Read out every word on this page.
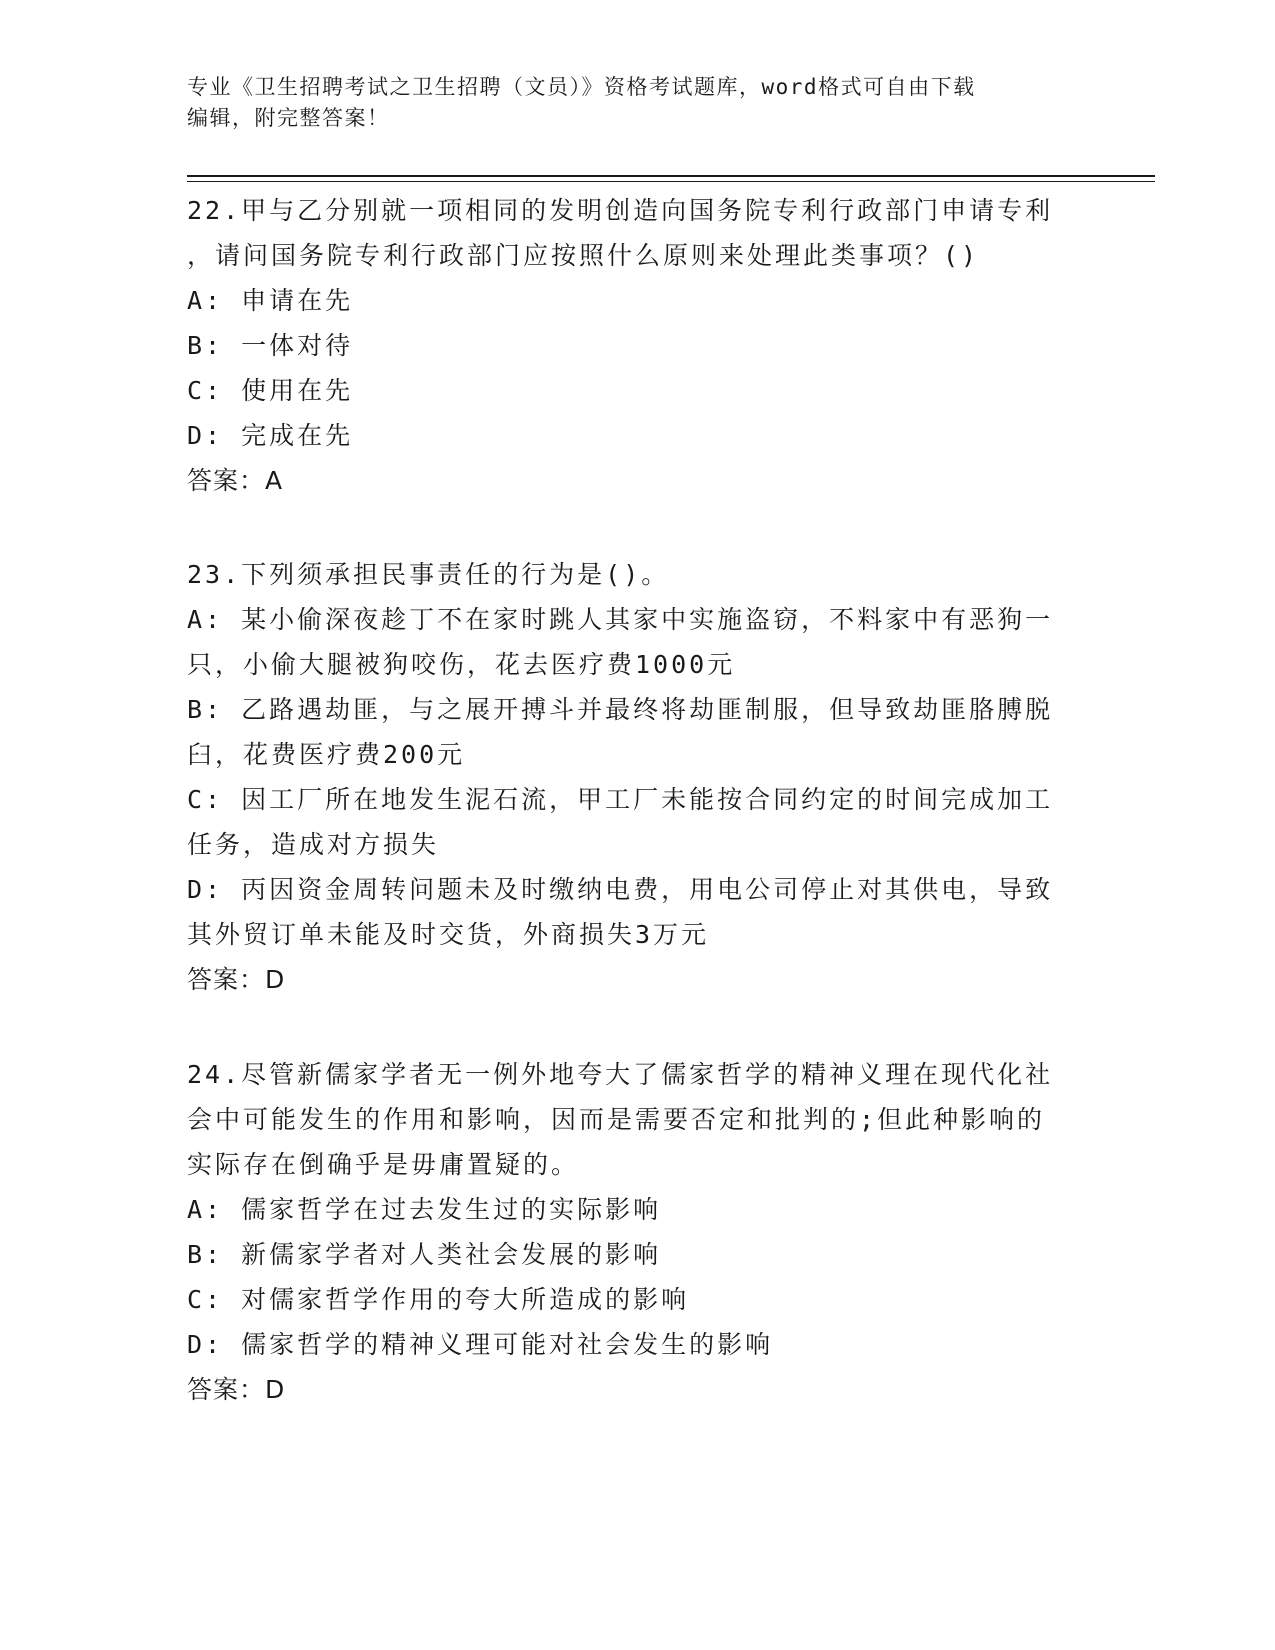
专业《卫生招聘考试之卫生招聘（文员）》资格考试题库，word格式可自由下载
编辑，附完整答案！

22.甲与乙分别就一项相同的发明创造向国务院专利行政部门申请专利

，请问国务院专利行政部门应按照什么原则来处理此类事项？()

A: 申请在先

B: 一体对待

C: 使用在先

D: 完成在先

答案：A

23.下列须承担民事责任的行为是()。

A: 某小偷深夜趁丁不在家时跳人其家中实施盗窃，不料家中有恶狗一

只，小偷大腿被狗咬伤，花去医疗费1000元

B: 乙路遇劫匪，与之展开搏斗并最终将劫匪制服，但导致劫匪胳膊脱

臼，花费医疗费200元

C: 因工厂所在地发生泥石流，甲工厂未能按合同约定的时间完成加工

任务，造成对方损失

D: 丙因资金周转问题未及时缴纳电费，用电公司停止对其供电，导致

其外贸订单未能及时交货，外商损失3万元

答案：D

24.尽管新儒家学者无一例外地夸大了儒家哲学的精神义理在现代化社

会中可能发生的作用和影响，因而是需要否定和批判的;但此种影响的

实际存在倒确乎是毋庸置疑的。

A: 儒家哲学在过去发生过的实际影响

B: 新儒家学者对人类社会发展的影响

C: 对儒家哲学作用的夸大所造成的影响

D: 儒家哲学的精神义理可能对社会发生的影响

答案：D
